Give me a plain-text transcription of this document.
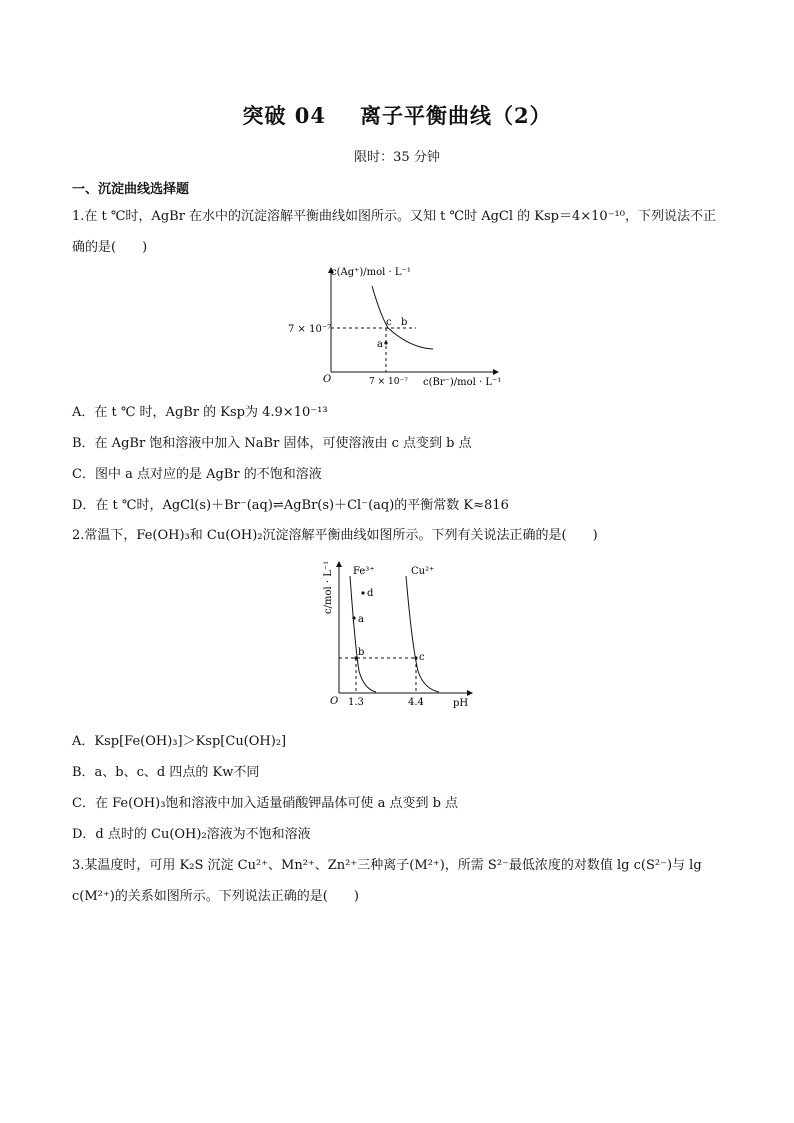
突破 04 离子平衡曲线（2）
限时：35 分钟
一、沉淀曲线选择题
1.在 t ℃时，AgBr 在水中的沉淀溶解平衡曲线如图所示。又知 t ℃时 AgCl 的 Ksp＝4×10⁻¹⁰，下列说法不正
确的是(　　)
c(Ag⁺)/mol · L⁻¹
7 × 10⁻⁷
7 × 10⁻⁷ c(Br⁻)/mol · L⁻¹
O
a
c b
A．在 t ℃ 时，AgBr 的 Ksp为 4.9×10⁻¹³
B．在 AgBr 饱和溶液中加入 NaBr 固体，可使溶液由 c 点变到 b 点
C．图中 a 点对应的是 AgBr 的不饱和溶液
D．在 t ℃时，AgCl(s)＋Br⁻(aq)⇌AgBr(s)＋Cl⁻(aq)的平衡常数 K≈816
2.常温下，Fe(OH)₃和 Cu(OH)₂沉淀溶解平衡曲线如图所示。下列有关说法正确的是(　　)
c/mol · L⁻¹ Fe³⁺	Cu²⁺
d
a
b	c
O 1.3	4.4	pH
A．Ksp[Fe(OH)₃]＞Ksp[Cu(OH)₂]
B．a、b、c、d 四点的 Kw不同
C．在 Fe(OH)₃饱和溶液中加入适量硝酸钾晶体可使 a 点变到 b 点
D．d 点时的 Cu(OH)₂溶液为不饱和溶液
3.某温度时，可用 K₂S 沉淀 Cu²⁺、Mn²⁺、Zn²⁺三种离子(M²⁺)，所需 S²⁻最低浓度的对数值 lg c(S²⁻)与 lg
c(M²⁺)的关系如图所示。下列说法正确的是(　　)
